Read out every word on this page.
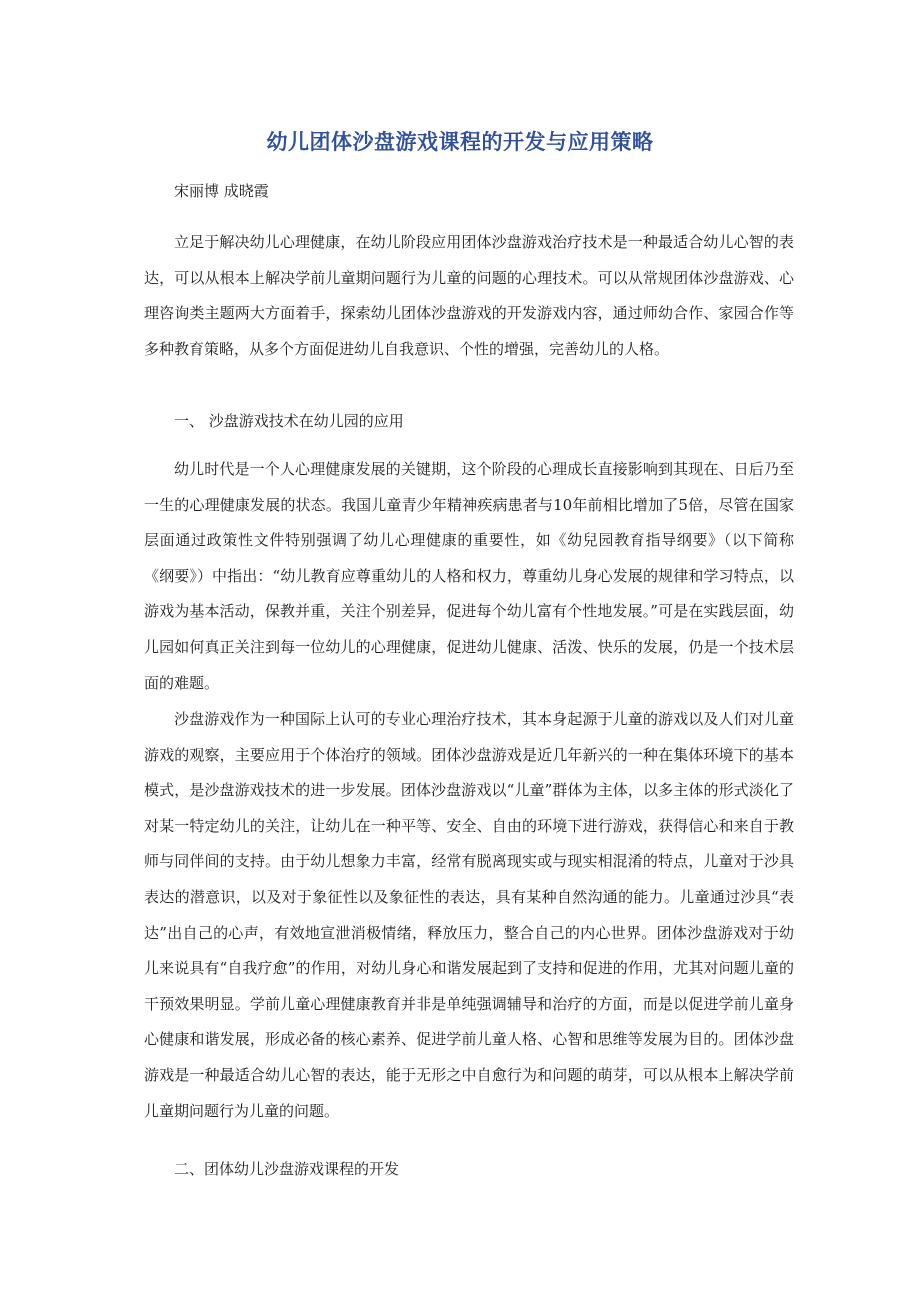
幼儿团体沙盘游戏课程的开发与应用策略

宋丽博 成晓霞

立足于解决幼儿心理健康，在幼儿阶段应用团体沙盘游戏治疗技术是一种最适合幼儿心智的表达，可以从根本上解决学前儿童期问题行为儿童的问题的心理技术。可以从常规团体沙盘游戏、心理咨询类主题两大方面着手，探索幼儿团体沙盘游戏的开发游戏内容，通过师幼合作、家园合作等多种教育策略，从多个方面促进幼儿自我意识、个性的增强，完善幼儿的人格。

一、 沙盘游戏技术在幼儿园的应用

幼儿时代是一个人心理健康发展的关键期，这个阶段的心理成长直接影响到其现在、日后乃至一生的心理健康发展的状态。我国儿童青少年精神疾病患者与10年前相比增加了5倍，尽管在国家层面通过政策性文件特别强调了幼儿心理健康的重要性，如《幼兒园教育指导纲要》（以下简称《纲要》）中指出：“幼儿教育应尊重幼儿的人格和权力，尊重幼儿身心发展的规律和学习特点，以游戏为基本活动，保教并重，关注个别差异，促进每个幼儿富有个性地发展。”可是在实践层面，幼儿园如何真正关注到每一位幼儿的心理健康，促进幼儿健康、活泼、快乐的发展，仍是一个技术层面的难题。

沙盘游戏作为一种国际上认可的专业心理治疗技术，其本身起源于儿童的游戏以及人们对儿童游戏的观察，主要应用于个体治疗的领域。团体沙盘游戏是近几年新兴的一种在集体环境下的基本模式，是沙盘游戏技术的进一步发展。团体沙盘游戏以“儿童”群体为主体，以多主体的形式淡化了对某一特定幼儿的关注，让幼儿在一种平等、安全、自由的环境下进行游戏，获得信心和来自于教师与同伴间的支持。由于幼儿想象力丰富，经常有脱离现实或与现实相混淆的特点，儿童对于沙具表达的潜意识，以及对于象征性以及象征性的表达，具有某种自然沟通的能力。儿童通过沙具“表达”出自己的心声，有效地宣泄消极情绪，释放压力，整合自己的内心世界。团体沙盘游戏对于幼儿来说具有“自我疗愈”的作用，对幼儿身心和谐发展起到了支持和促进的作用，尤其对问题儿童的干预效果明显。学前儿童心理健康教育并非是单纯强调辅导和治疗的方面，而是以促进学前儿童身心健康和谐发展，形成必备的核心素养、促进学前儿童人格、心智和思维等发展为目的。团体沙盘游戏是一种最适合幼儿心智的表达，能于无形之中自愈行为和问题的萌芽，可以从根本上解决学前儿童期问题行为儿童的问题。

二、团体幼儿沙盘游戏课程的开发
